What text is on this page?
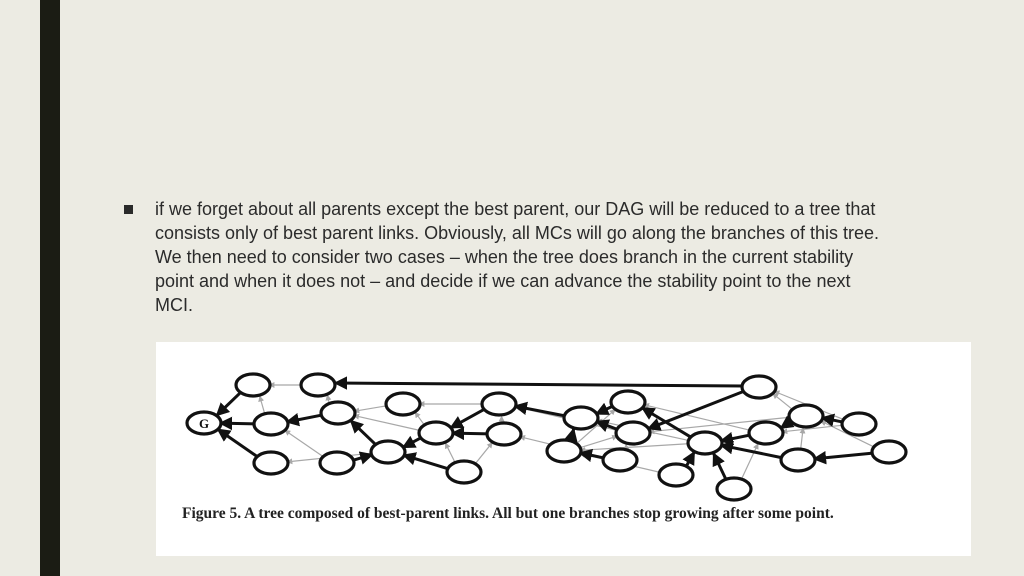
if we forget about all parents except the best parent, our DAG will be reduced to a tree that consists only of best parent links. Obviously, all MCs will go along the branches of this tree. We then need to consider two cases – when the tree does branch in the current stability point and when it does not – and decide if we can advance the stability point to the next MCI.
G
Figure 5. A tree composed of best-parent links. All but one branches stop growing after some point.
